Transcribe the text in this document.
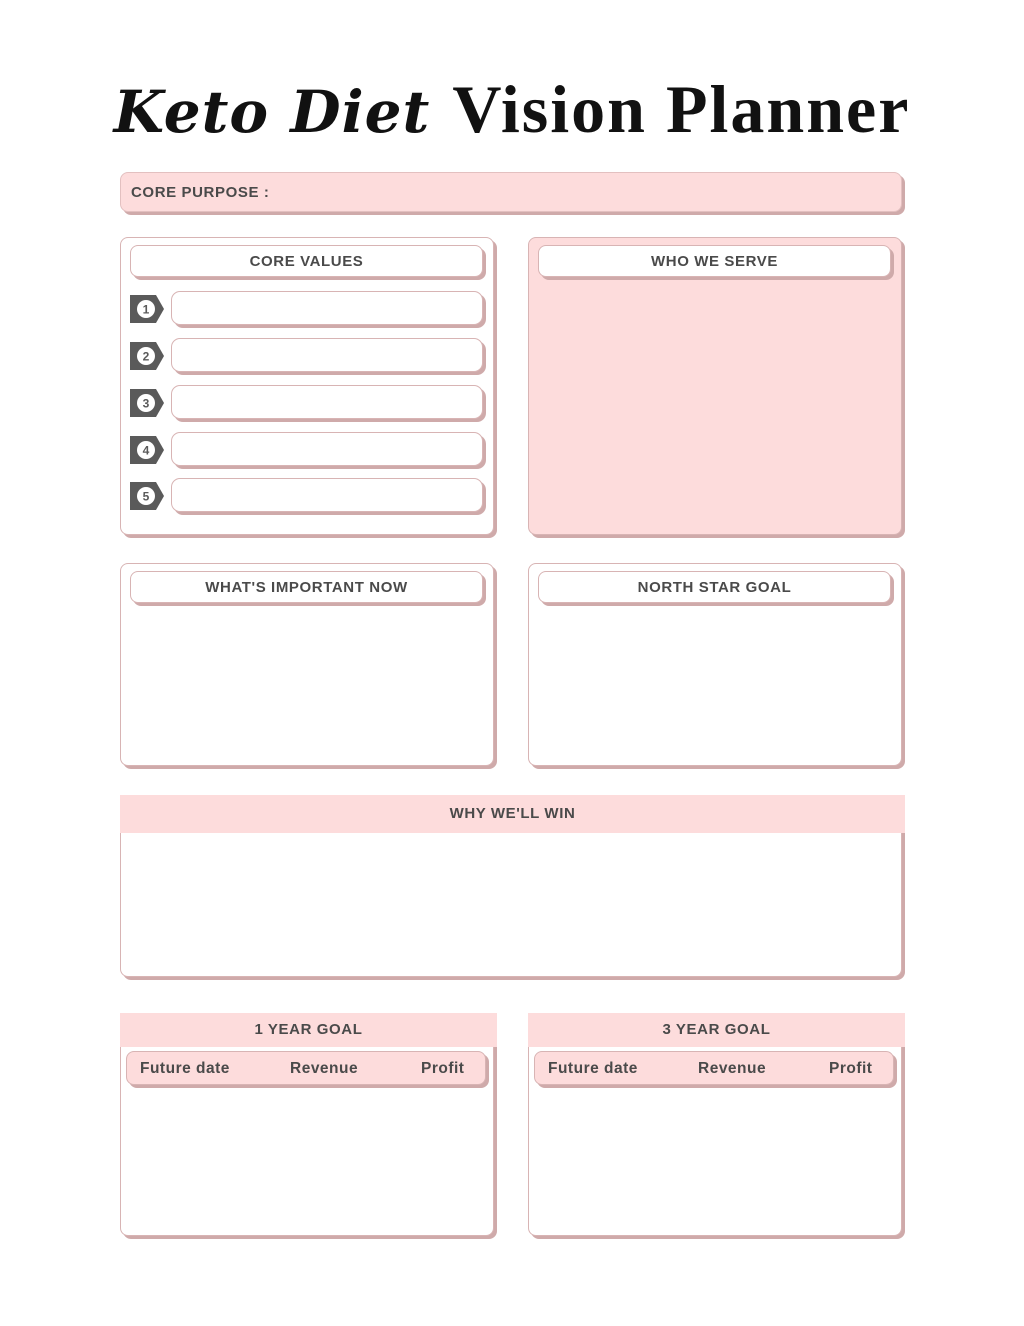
Keto Diet Vision Planner
CORE PURPOSE :
CORE VALUES
1
2
3
4
5
WHO WE SERVE
WHAT'S IMPORTANT NOW	NORTH STAR GOAL
WHY WE'LL WIN
1 YEAR GOAL
Future date	Revenue	Profit
3 YEAR GOAL
Future date	Revenue	Profit
